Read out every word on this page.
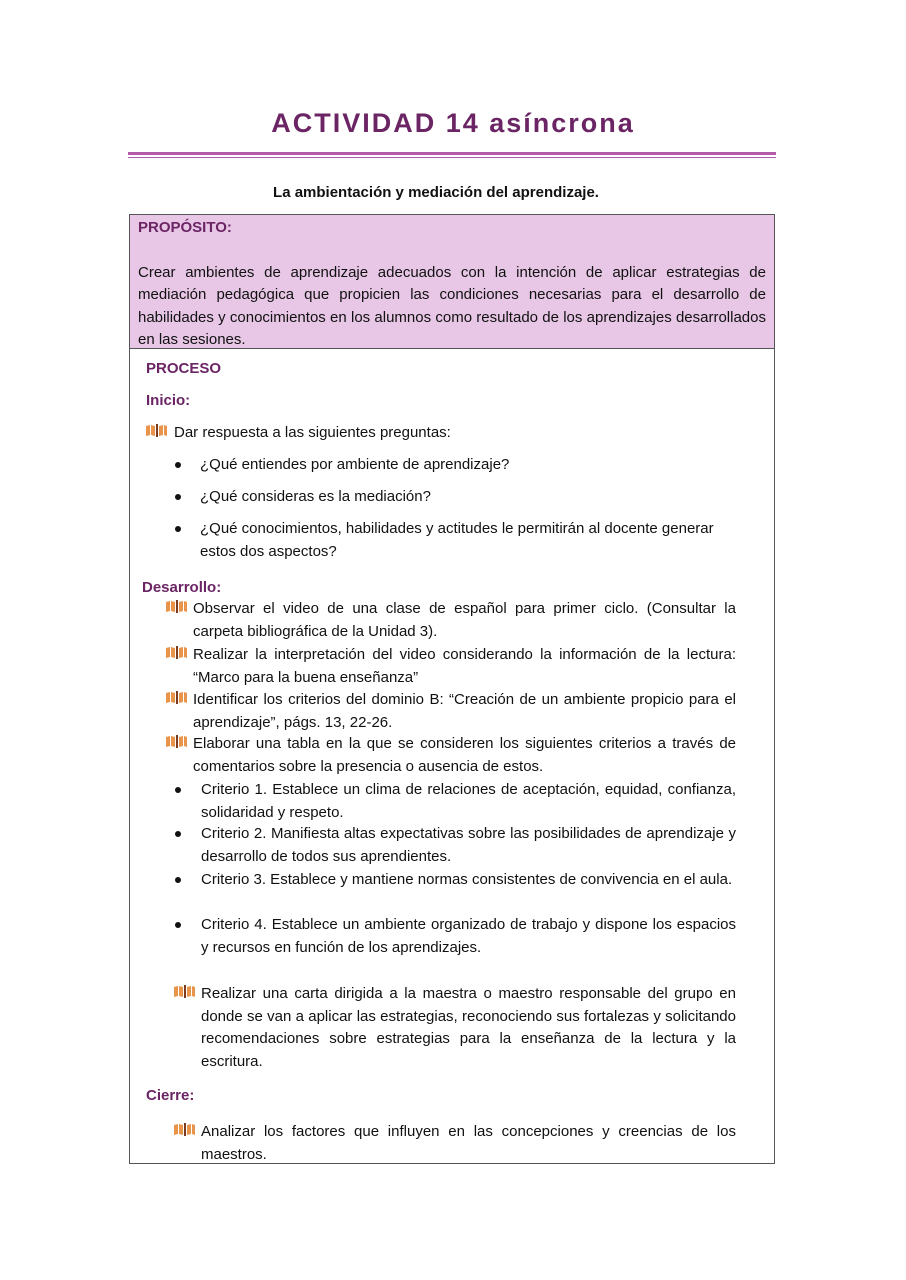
ACTIVIDAD 14 asíncrona
La ambientación y mediación del aprendizaje.
PROPÓSITO:

Crear ambientes de aprendizaje adecuados con la intención de aplicar estrategias de mediación pedagógica que propicien las condiciones necesarias para el desarrollo de habilidades y conocimientos en los alumnos como resultado de los aprendizajes desarrollados en las sesiones.

PROCESO
Inicio:
Dar respuesta a las siguientes preguntas:
¿Qué entiendes por ambiente de aprendizaje?
¿Qué consideras es la mediación?
¿Qué conocimientos, habilidades y actitudes le permitirán al docente generar estos dos aspectos?
Desarrollo:
Observar el video de una clase de español para primer ciclo. (Consultar la carpeta bibliográfica de la Unidad 3).
Realizar la interpretación del video considerando la información de la lectura: “Marco para la buena enseñanza”
Identificar los criterios del dominio B: “Creación de un ambiente propicio para el aprendizaje”, págs. 13, 22-26.
Elaborar una tabla en la que se consideren los siguientes criterios a través de comentarios sobre la presencia o ausencia de estos.
Criterio 1. Establece un clima de relaciones de aceptación, equidad, confianza, solidaridad y respeto.
Criterio 2. Manifiesta altas expectativas sobre las posibilidades de aprendizaje y desarrollo de todos sus aprendientes.
Criterio 3. Establece y mantiene normas consistentes de convivencia en el aula.
Criterio 4. Establece un ambiente organizado de trabajo y dispone los espacios y recursos en función de los aprendizajes.
Realizar una carta dirigida a la maestra o maestro responsable del grupo en donde se van a aplicar las estrategias, reconociendo sus fortalezas y solicitando recomendaciones sobre estrategias para la enseñanza de la lectura y la escritura.
Cierre:
Analizar los factores que influyen en las concepciones y creencias de los maestros.
